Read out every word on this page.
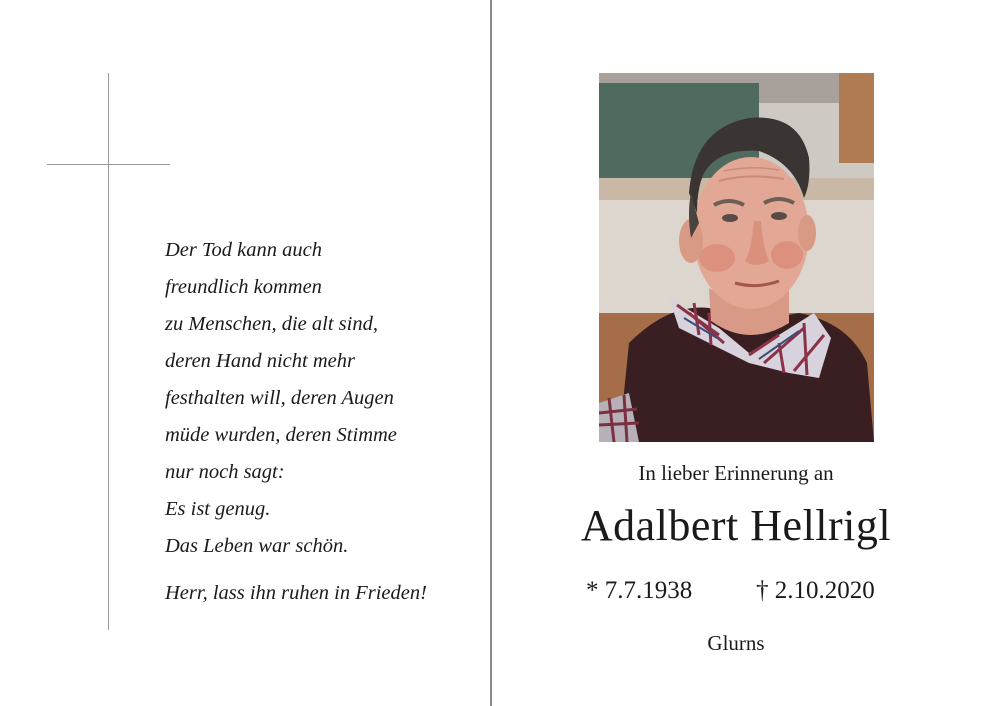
Der Tod kann auch
freundlich kommen
zu Menschen, die alt sind,
deren Hand nicht mehr
festhalten will, deren Augen
müde wurden, deren Stimme
nur noch sagt:
Es ist genug.
Das Leben war schön.
Herr, lass ihn ruhen in Frieden!
In lieber Erinnerung an
Adalbert Hellrigl
* 7.7.1938	† 2.10.2020
Glurns
